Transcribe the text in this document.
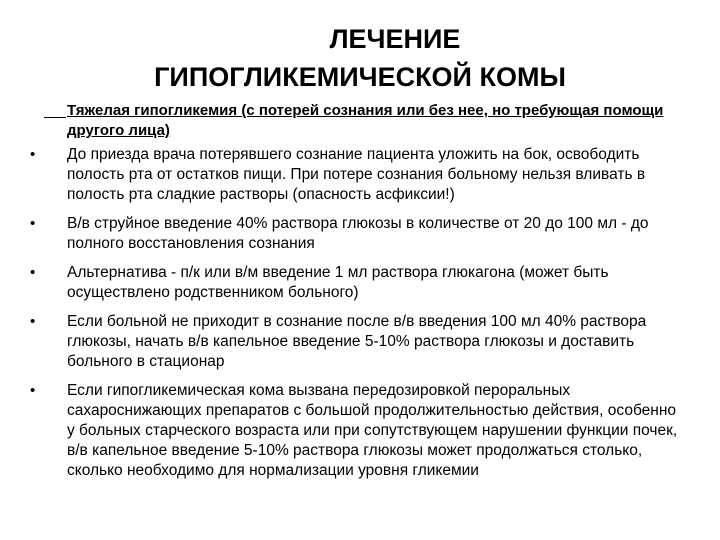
ЛЕЧЕНИЕ
ГИПОГЛИКЕМИЧЕСКОЙ КОМЫ
Тяжелая гипогликемия (с потерей сознания или без нее, но требующая помощи другого лица)
•	До приезда врача потерявшего сознание пациента уложить на бок, освободить полость рта от остатков пищи. При потере сознания больному нельзя вливать в полость рта сладкие растворы (опасность асфиксии!)
•	В/в струйное введение 40% раствора глюкозы в количестве от 20 до 100 мл - до полного восстановления сознания
•	Альтернатива - п/к или в/м введение 1 мл раствора глюкагона (может быть осуществлено родственником больного)
•	Если больной не приходит в сознание после в/в введения 100 мл 40% раствора глюкозы, начать в/в капельное введение 5-10% раствора глюкозы и доставить больного в стационар
•	Если гипогликемическая кома вызвана передозировкой пероральных сахароснижающих препаратов с большой продолжительностью действия, особенно у больных старческого возраста или при сопутствующем нарушении функции почек, в/в капельное введение 5-10% раствора глюкозы может продолжаться столько, сколько необходимо для нормализации уровня гликемии
